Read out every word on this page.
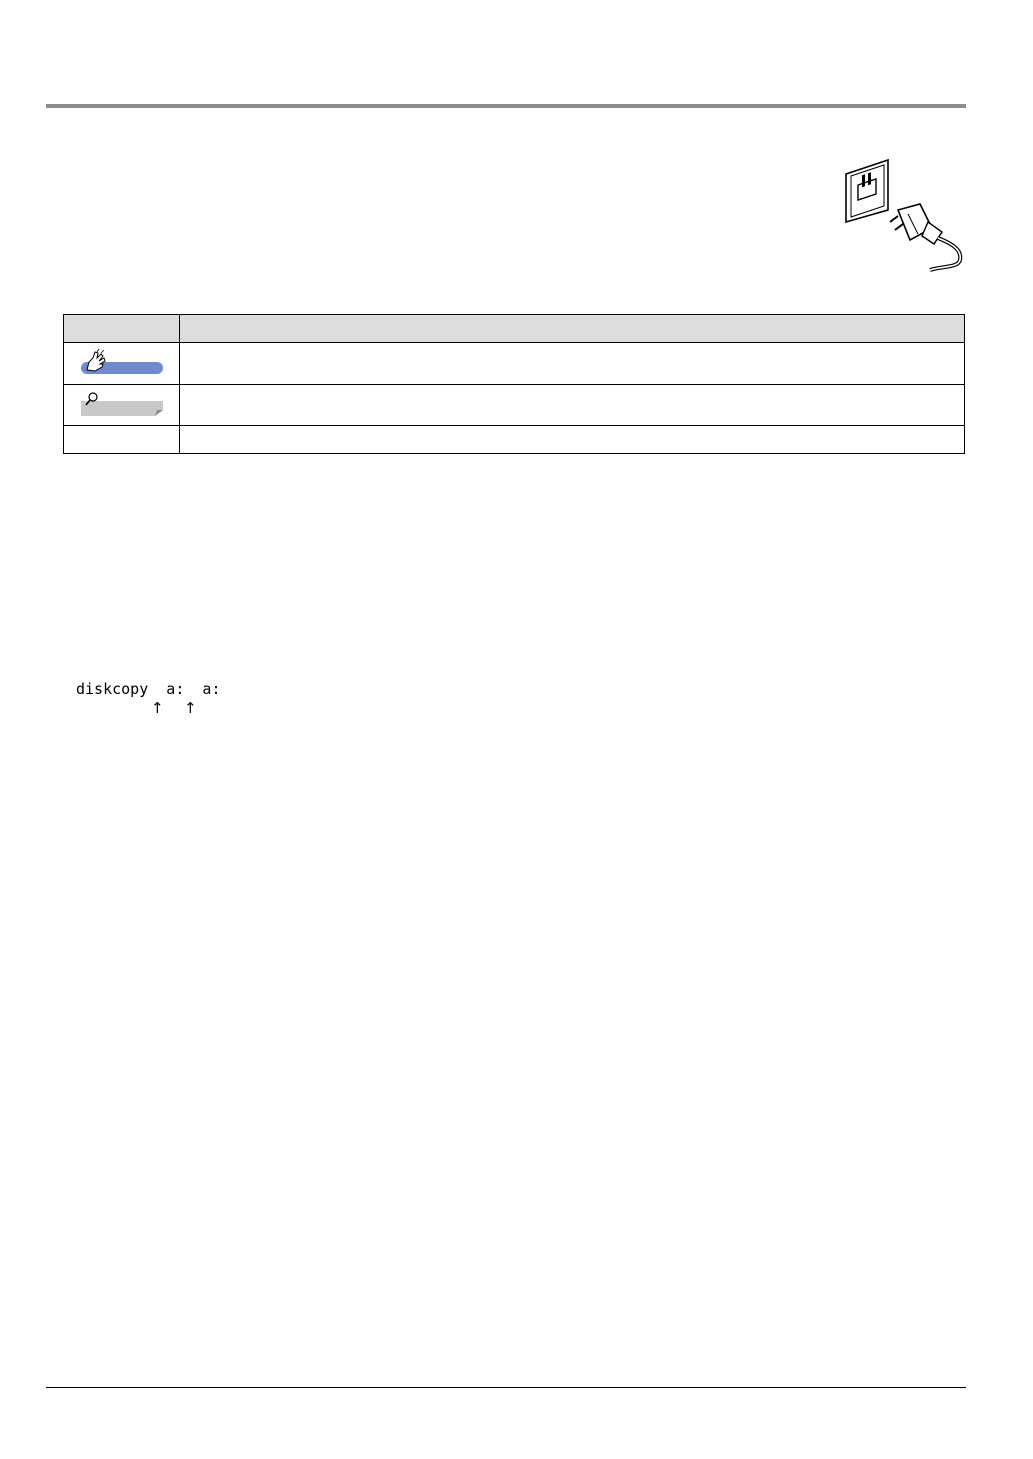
diskcopy  a:  a:
↑ ↑
